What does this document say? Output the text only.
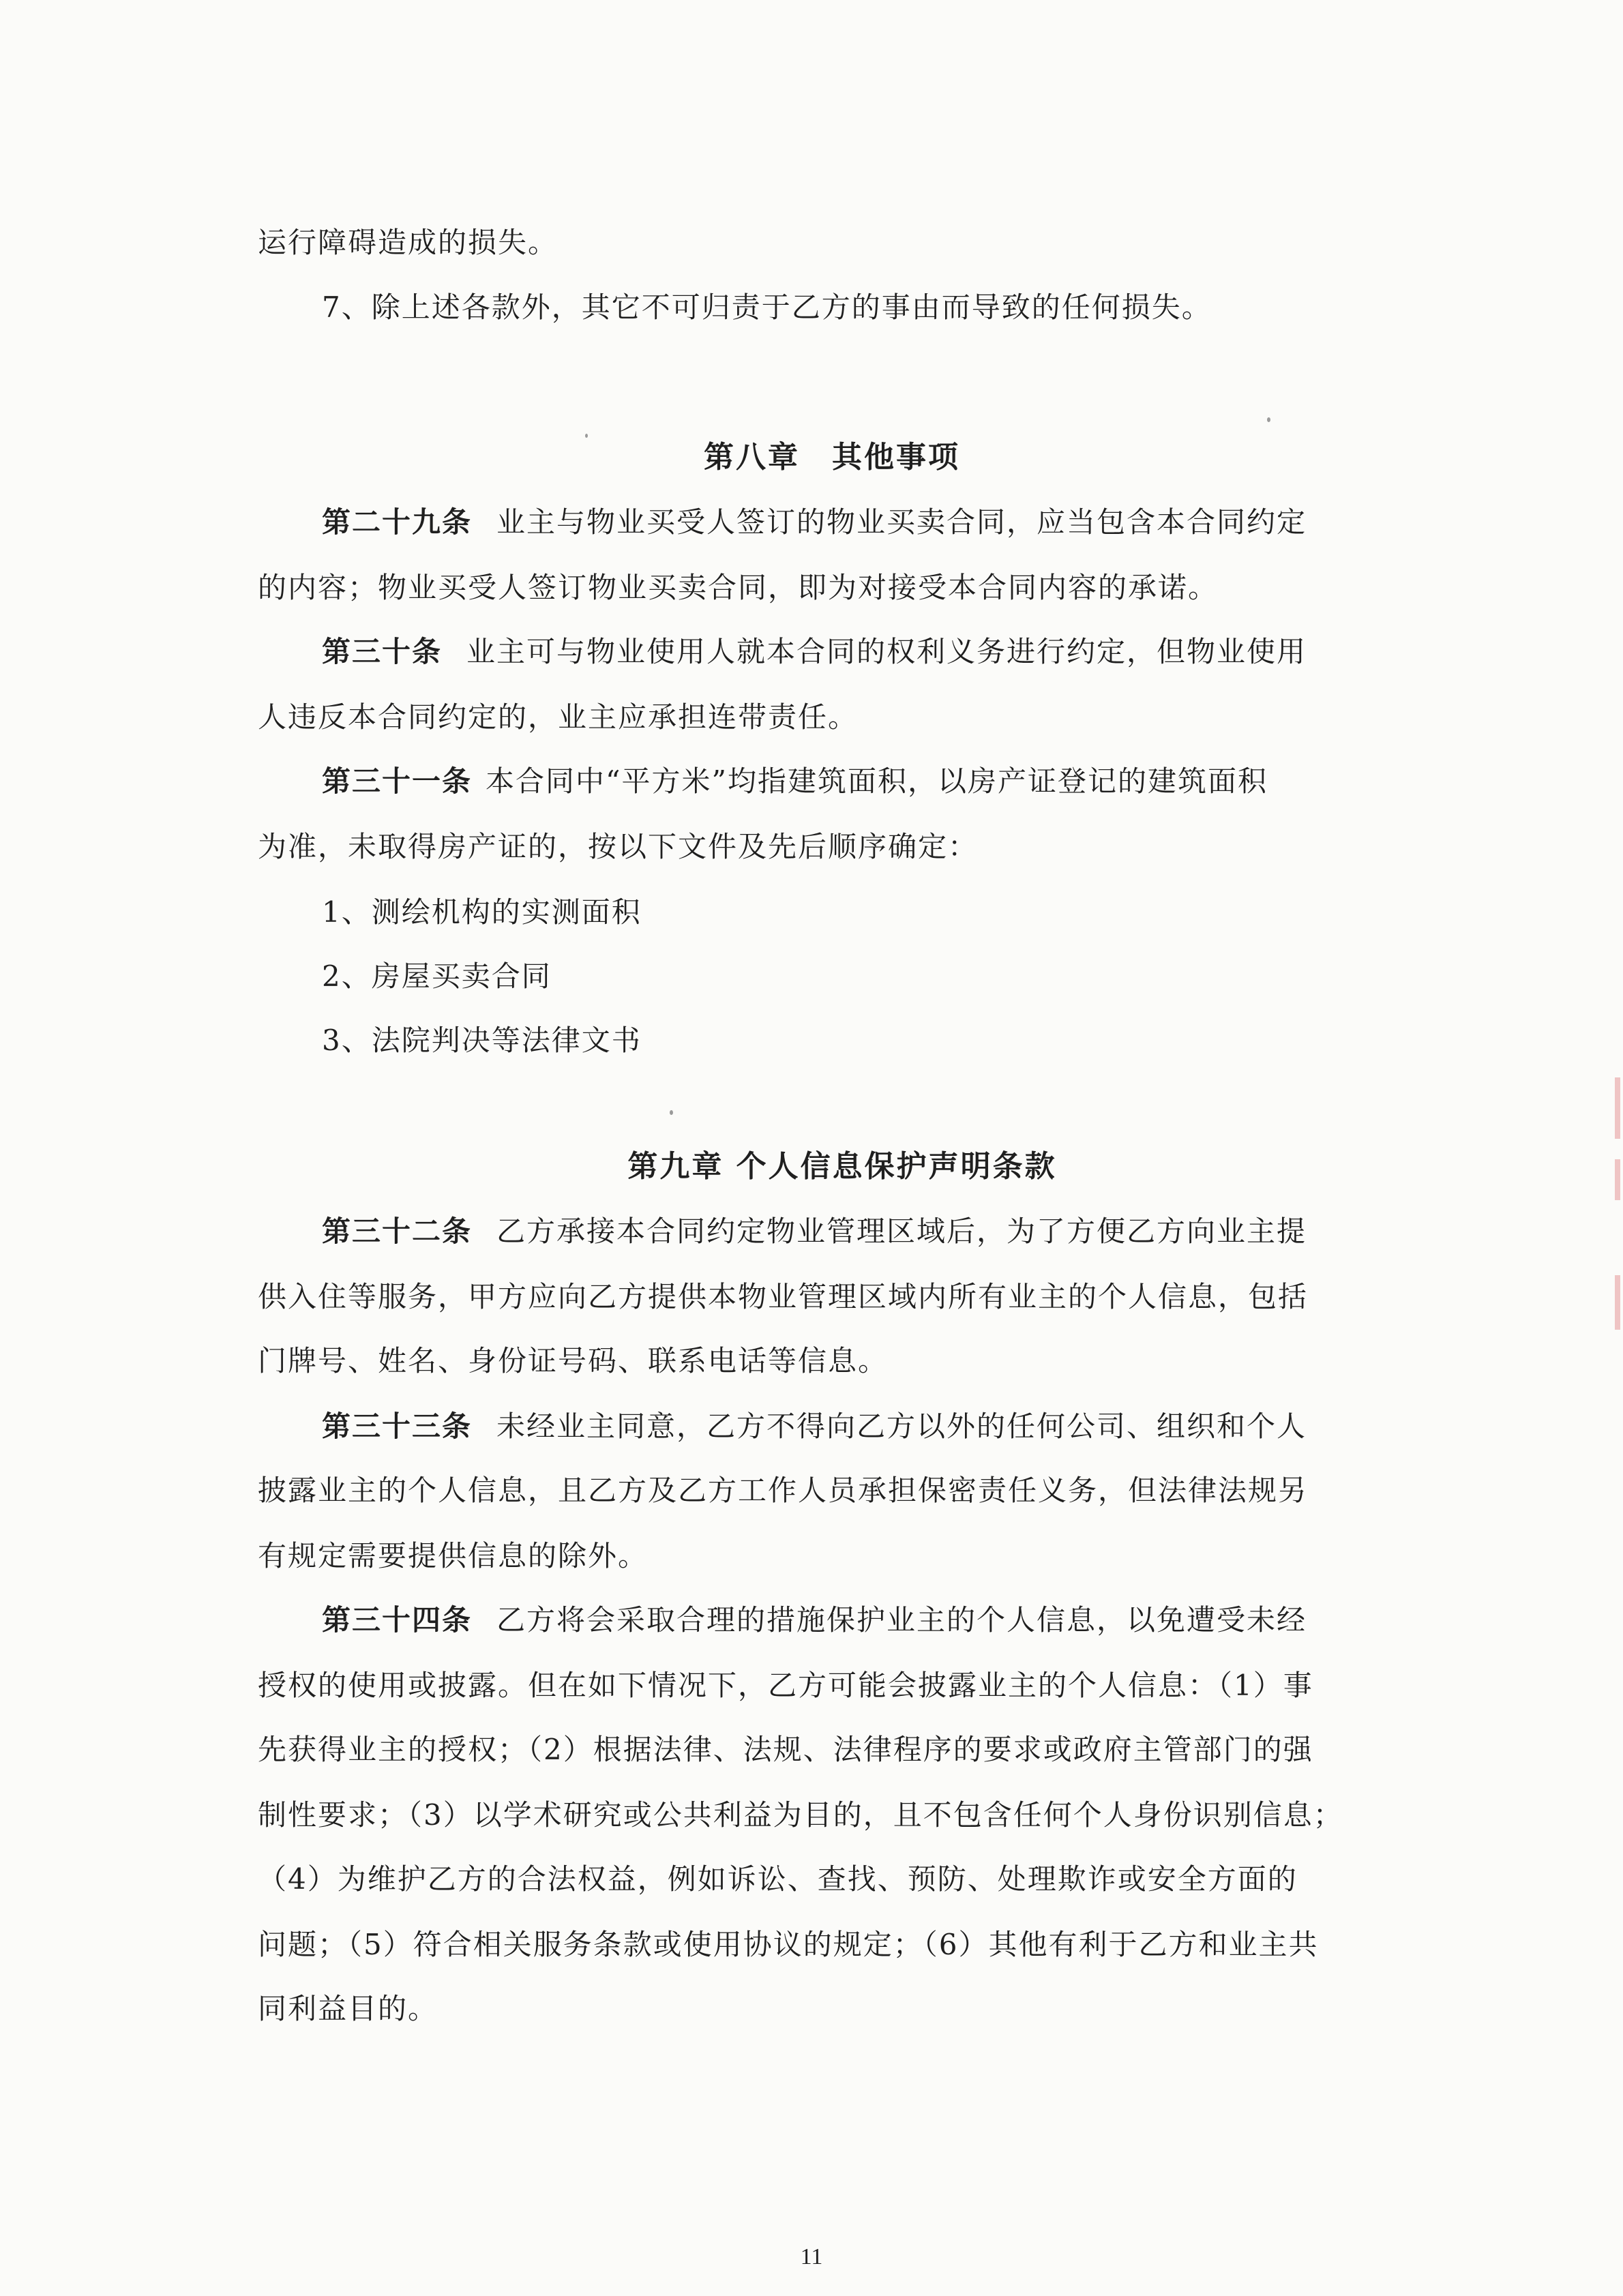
运行障碍造成的损失。
7、除上述各款外，其它不可归责于乙方的事由而导致的任何损失。
第八章　其他事项
第二十九条 业主与物业买受人签订的物业买卖合同，应当包含本合同约定
的内容；物业买受人签订物业买卖合同，即为对接受本合同内容的承诺。
第三十条 业主可与物业使用人就本合同的权利义务进行约定，但物业使用
人违反本合同约定的，业主应承担连带责任。
第三十一条 本合同中“平方米”均指建筑面积，以房产证登记的建筑面积
为准，未取得房产证的，按以下文件及先后顺序确定：
1、测绘机构的实测面积
2、房屋买卖合同
3、法院判决等法律文书
第九章 个人信息保护声明条款
第三十二条 乙方承接本合同约定物业管理区域后，为了方便乙方向业主提
供入住等服务，甲方应向乙方提供本物业管理区域内所有业主的个人信息，包括
门牌号、姓名、身份证号码、联系电话等信息。
第三十三条 未经业主同意，乙方不得向乙方以外的任何公司、组织和个人
披露业主的个人信息，且乙方及乙方工作人员承担保密责任义务，但法律法规另
有规定需要提供信息的除外。
第三十四条 乙方将会采取合理的措施保护业主的个人信息，以免遭受未经
授权的使用或披露。但在如下情况下，乙方可能会披露业主的个人信息：（1）事
先获得业主的授权；（2）根据法律、法规、法律程序的要求或政府主管部门的强
制性要求；（3）以学术研究或公共利益为目的，且不包含任何个人身份识别信息；
（4）为维护乙方的合法权益，例如诉讼、查找、预防、处理欺诈或安全方面的
问题；（5）符合相关服务条款或使用协议的规定；（6）其他有利于乙方和业主共
同利益目的。
11
